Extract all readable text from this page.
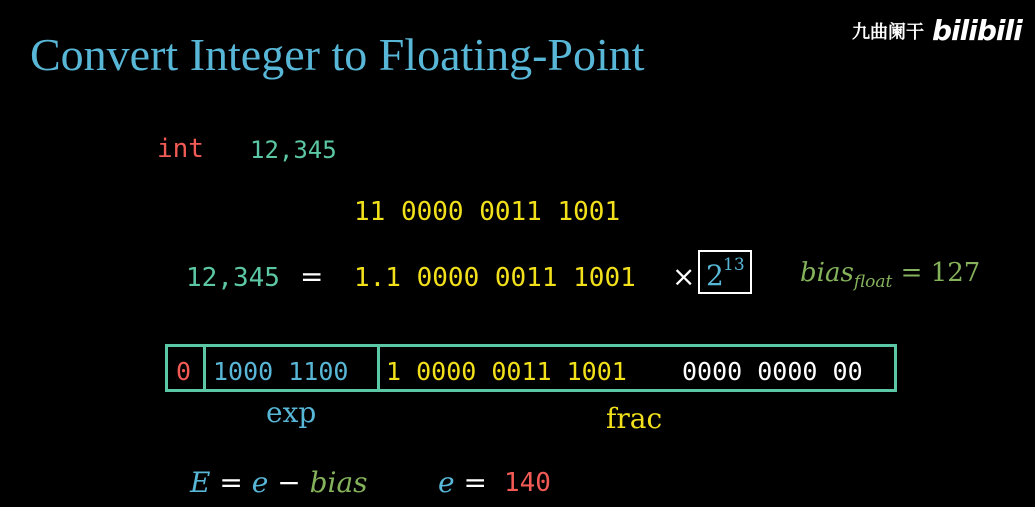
Convert Integer to Floating-Point	九曲阑干 bilibili
int 12,345
11 0000 0011 1001
12,345 = 1.1 0000 0011 1001 × 2 13 bias$_{float}$ = 127
0 1000 1100 1 0000 0011 1001 0000 0000 00
exp	frac
E = e − bias	e = 140
